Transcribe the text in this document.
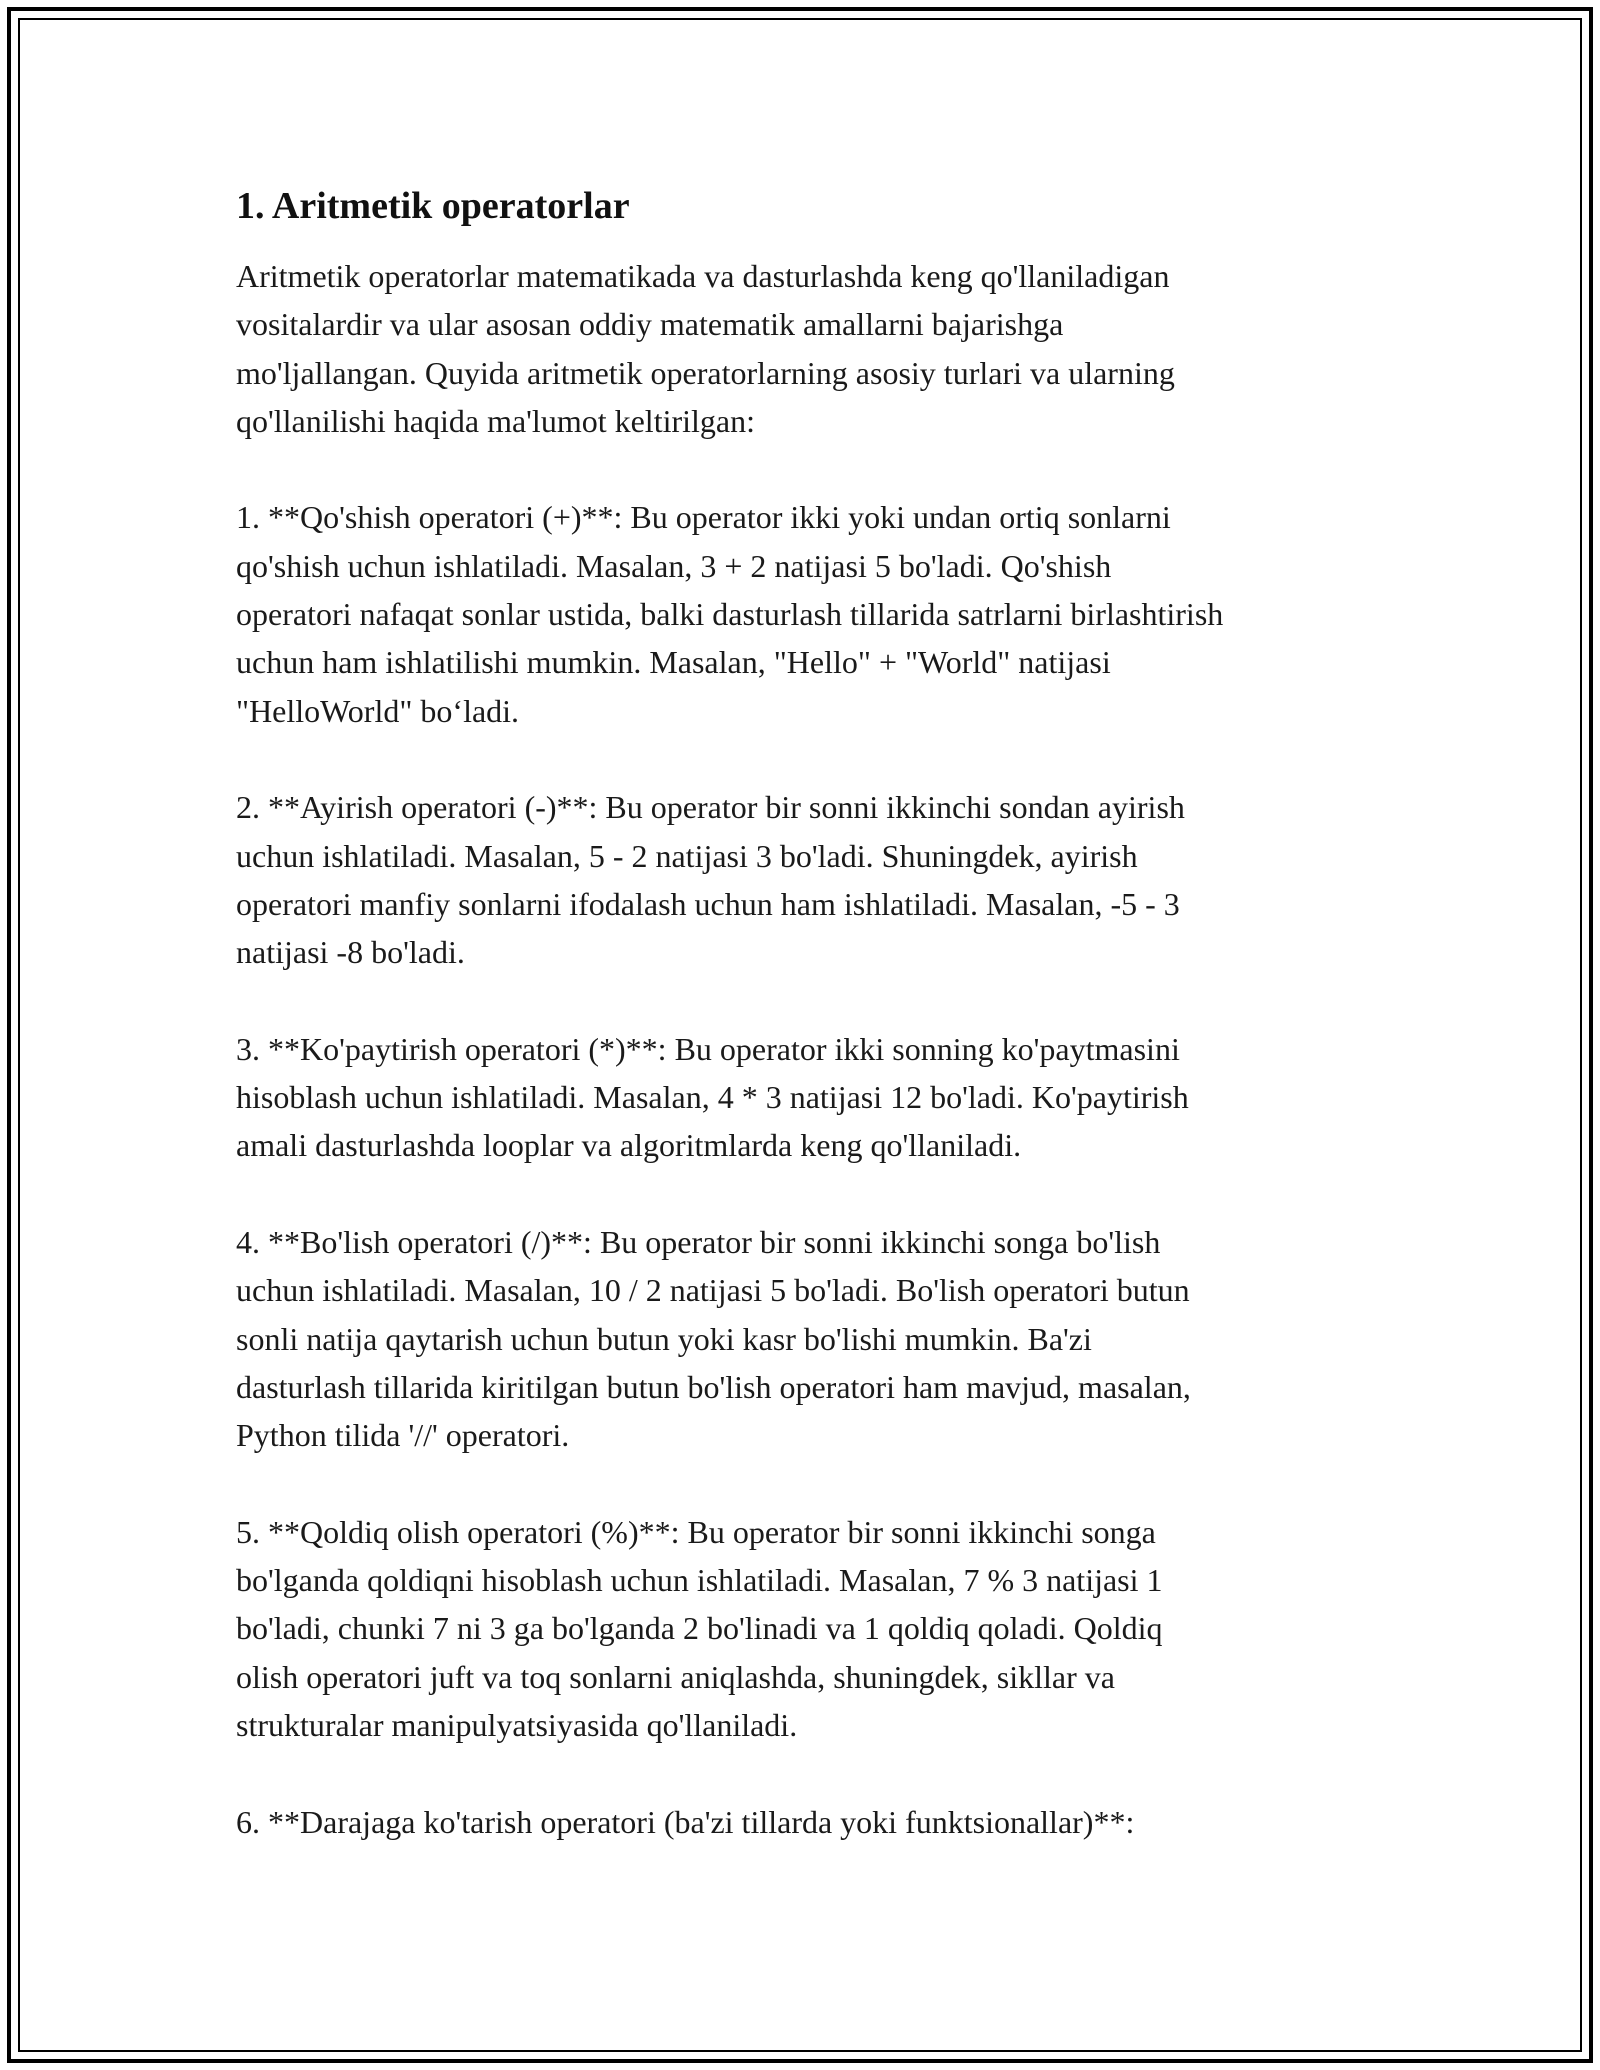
1. Aritmetik operatorlar

Aritmetik operatorlar matematikada va dasturlashda keng qo'llaniladigan
vositalardir va ular asosan oddiy matematik amallarni bajarishga
mo'ljallangan. Quyida aritmetik operatorlarning asosiy turlari va ularning
qo'llanilishi haqida ma'lumot keltirilgan:

1. **Qo'shish operatori (+)**: Bu operator ikki yoki undan ortiq sonlarni
qo'shish uchun ishlatiladi. Masalan, 3 + 2 natijasi 5 bo'ladi. Qo'shish
operatori nafaqat sonlar ustida, balki dasturlash tillarida satrlarni birlashtirish
uchun ham ishlatilishi mumkin. Masalan, "Hello" + "World" natijasi
"HelloWorld" bo‘ladi.

2. **Ayirish operatori (-)**: Bu operator bir sonni ikkinchi sondan ayirish
uchun ishlatiladi. Masalan, 5 - 2 natijasi 3 bo'ladi. Shuningdek, ayirish
operatori manfiy sonlarni ifodalash uchun ham ishlatiladi. Masalan, -5 - 3
natijasi -8 bo'ladi.

3. **Ko'paytirish operatori (*)**: Bu operator ikki sonning ko'paytmasini
hisoblash uchun ishlatiladi. Masalan, 4 * 3 natijasi 12 bo'ladi. Ko'paytirish
amali dasturlashda looplar va algoritmlarda keng qo'llaniladi.

4. **Bo'lish operatori (/)**: Bu operator bir sonni ikkinchi songa bo'lish
uchun ishlatiladi. Masalan, 10 / 2 natijasi 5 bo'ladi. Bo'lish operatori butun
sonli natija qaytarish uchun butun yoki kasr bo'lishi mumkin. Ba'zi
dasturlash tillarida kiritilgan butun bo'lish operatori ham mavjud, masalan,
Python tilida '//' operatori.

5. **Qoldiq olish operatori (%)**: Bu operator bir sonni ikkinchi songa
bo'lganda qoldiqni hisoblash uchun ishlatiladi. Masalan, 7 % 3 natijasi 1
bo'ladi, chunki 7 ni 3 ga bo'lganda 2 bo'linadi va 1 qoldiq qoladi. Qoldiq
olish operatori juft va toq sonlarni aniqlashda, shuningdek, sikllar va
strukturalar manipulyatsiyasida qo'llaniladi.

6. **Darajaga ko'tarish operatori (ba'zi tillarda yoki funktsionallar)**:
